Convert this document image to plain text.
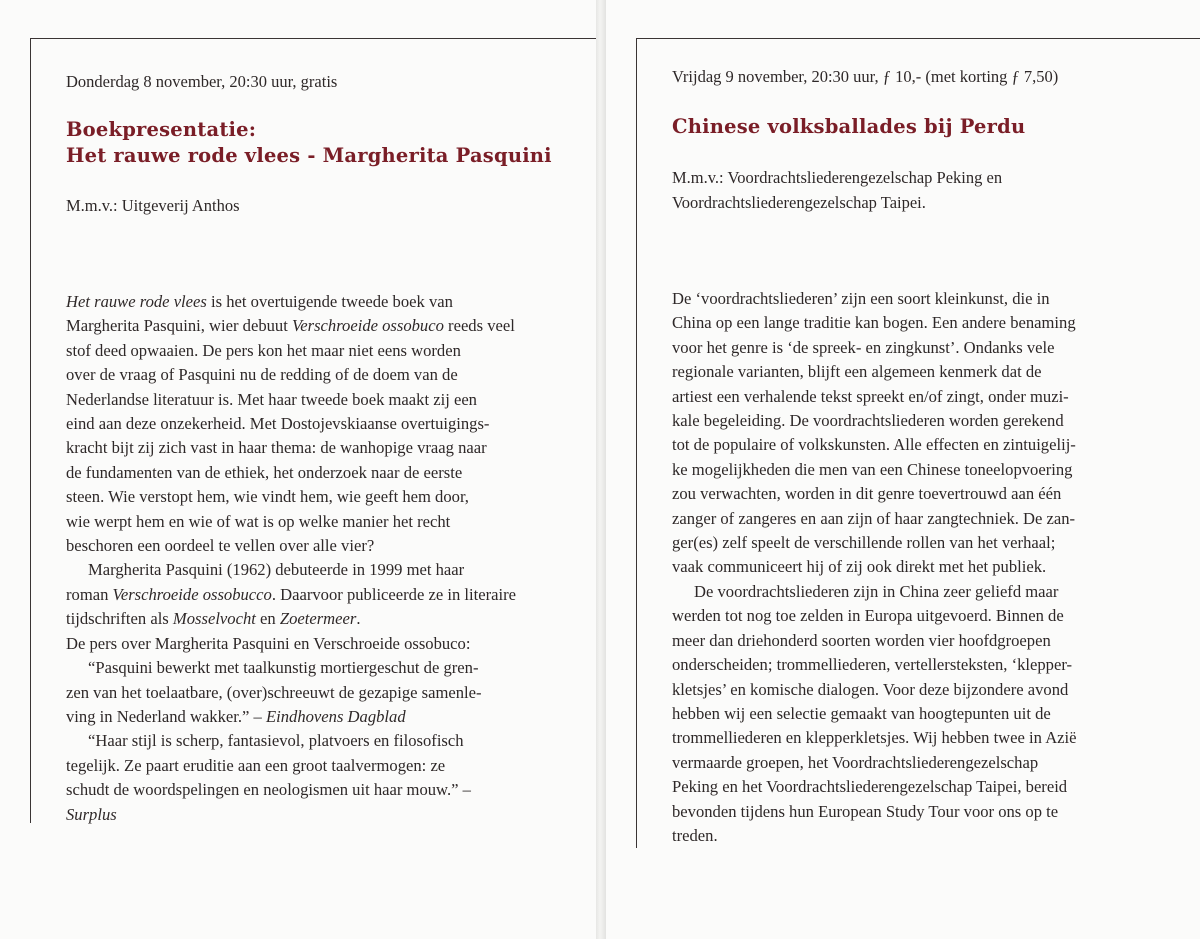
Donderdag 8 november, 20:30 uur, gratis
Boekpresentatie:
Het rauwe rode vlees - Margherita Pasquini
M.m.v.: Uitgeverij Anthos
Het rauwe rode vlees is het overtuigende tweede boek van
Margherita Pasquini, wier debuut Verschroeide ossobuco reeds veel
stof deed opwaaien. De pers kon het maar niet eens worden
over de vraag of Pasquini nu de redding of de doem van de
Nederlandse literatuur is. Met haar tweede boek maakt zij een
eind aan deze onzekerheid. Met Dostojevskiaanse overtuigings-
kracht bijt zij zich vast in haar thema: de wanhopige vraag naar
de fundamenten van de ethiek, het onderzoek naar de eerste
steen. Wie verstopt hem, wie vindt hem, wie geeft hem door,
wie werpt hem en wie of wat is op welke manier het recht
beschoren een oordeel te vellen over alle vier?
Margherita Pasquini (1962) debuteerde in 1999 met haar
roman Verschroeide ossobucco. Daarvoor publiceerde ze in literaire
tijdschriften als Mosselvocht en Zoetermeer.
De pers over Margherita Pasquini en Verschroeide ossobuco:
“Pasquini bewerkt met taalkunstig mortiergeschut de gren-
zen van het toelaatbare, (over)schreeuwt de gezapige samenle-
ving in Nederland wakker.” – Eindhovens Dagblad
“Haar stijl is scherp, fantasievol, platvoers en filosofisch
tegelijk. Ze paart eruditie aan een groot taalvermogen: ze
schudt de woordspelingen en neologismen uit haar mouw.” –
Surplus
Vrijdag 9 november, 20:30 uur, ƒ 10,- (met korting ƒ 7,50)
Chinese volksballades bij Perdu
M.m.v.: Voordrachtsliederengezelschap Peking en
Voordrachtsliederengezelschap Taipei.
De ‘voordrachtsliederen’ zijn een soort kleinkunst, die in
China op een lange traditie kan bogen. Een andere benaming
voor het genre is ‘de spreek- en zingkunst’. Ondanks vele
regionale varianten, blijft een algemeen kenmerk dat de
artiest een verhalende tekst spreekt en/of zingt, onder muzi-
kale begeleiding. De voordrachtsliederen worden gerekend
tot de populaire of volkskunsten. Alle effecten en zintuigelij-
ke mogelijkheden die men van een Chinese toneelopvoering
zou verwachten, worden in dit genre toevertrouwd aan één
zanger of zangeres en aan zijn of haar zangtechniek. De zan-
ger(es) zelf speelt de verschillende rollen van het verhaal;
vaak communiceert hij of zij ook direkt met het publiek.
De voordrachtsliederen zijn in China zeer geliefd maar
werden tot nog toe zelden in Europa uitgevoerd. Binnen de
meer dan driehonderd soorten worden vier hoofdgroepen
onderscheiden; trommelliederen, vertellersteksten, ‘klepper-
kletsjes’ en komische dialogen. Voor deze bijzondere avond
hebben wij een selectie gemaakt van hoogtepunten uit de
trommelliederen en klepperkletsjes. Wij hebben twee in Azië
vermaarde groepen, het Voordrachtsliederengezelschap
Peking en het Voordrachtsliederengezelschap Taipei, bereid
bevonden tijdens hun European Study Tour voor ons op te
treden.
